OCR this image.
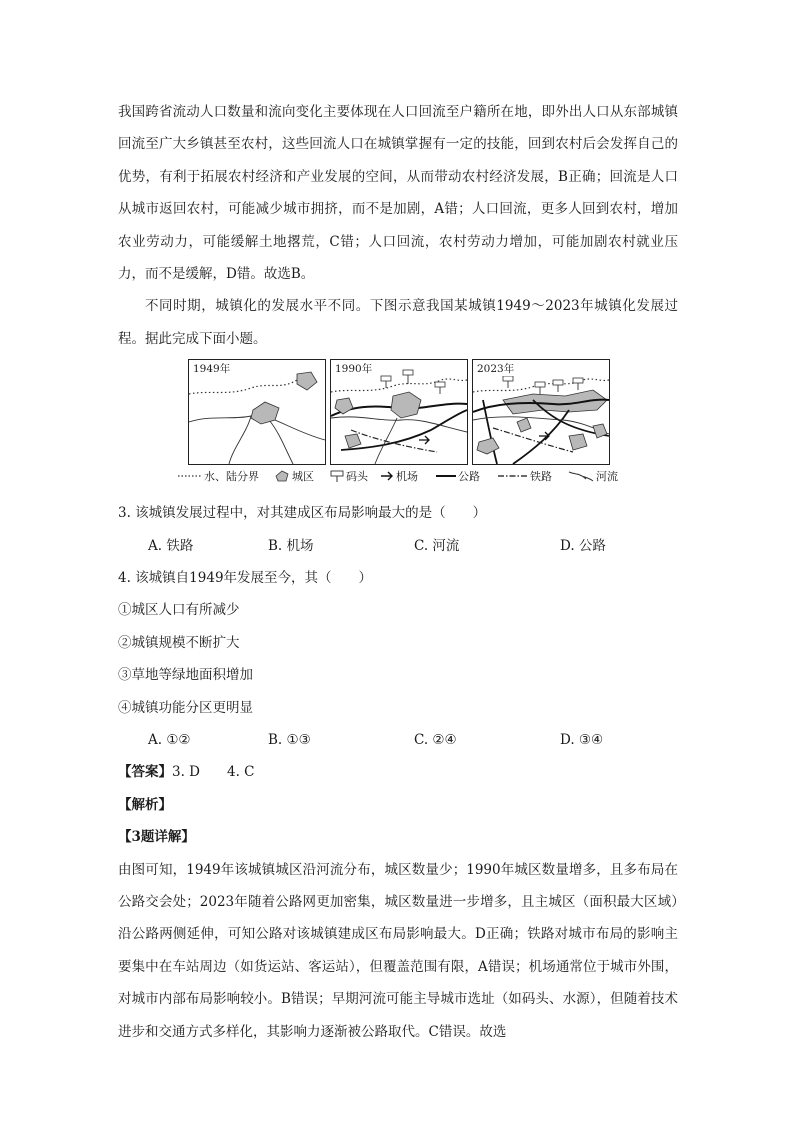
我国跨省流动人口数量和流向变化主要体现在人口回流至户籍所在地，即外出人口从东部城镇回流至广大乡镇甚至农村，这些回流人口在城镇掌握有一定的技能，回到农村后会发挥自己的优势，有利于拓展农村经济和产业发展的空间，从而带动农村经济发展，B正确；回流是人口从城市返回农村，可能减少城市拥挤，而不是加剧，A错；人口回流，更多人回到农村，增加农业劳动力，可能缓解土地撂荒，C错；人口回流，农村劳动力增加，可能加剧农村就业压力，而不是缓解，D错。故选B。

不同时期，城镇化的发展水平不同。下图示意我国某城镇1949～2023年城镇化发展过程。据此完成下面小题。

1949年	1990年	2023年
水、陆分界	城区	码头	机场	公路	铁路	河流
3. 该城镇发展过程中，对其建成区布局影响最大的是（　　）
A. 铁路	B. 机场	C. 河流	D. 公路
4. 该城镇自1949年发展至今，其（　　）
①城区人口有所减少
②城镇规模不断扩大
③草地等绿地面积增加
④城镇功能分区更明显
A. ①②	B. ①③	C. ②④	D. ③④
【答案】3. D　　4. C
【解析】
【3题详解】

由图可知，1949年该城镇城区沿河流分布，城区数量少；1990年城区数量增多，且多布局在公路交会处；2023年随着公路网更加密集，城区数量进一步增多，且主城区（面积最大区域）沿公路两侧延伸，可知公路对该城镇建成区布局影响最大。D正确；铁路对城市布局的影响主要集中在车站周边（如货运站、客运站），但覆盖范围有限，A错误；机场通常位于城市外围，对城市内部布局影响较小。B错误；早期河流可能主导城市选址（如码头、水源），但随着技术进步和交通方式多样化，其影响力逐渐被公路取代。C错误。故选
